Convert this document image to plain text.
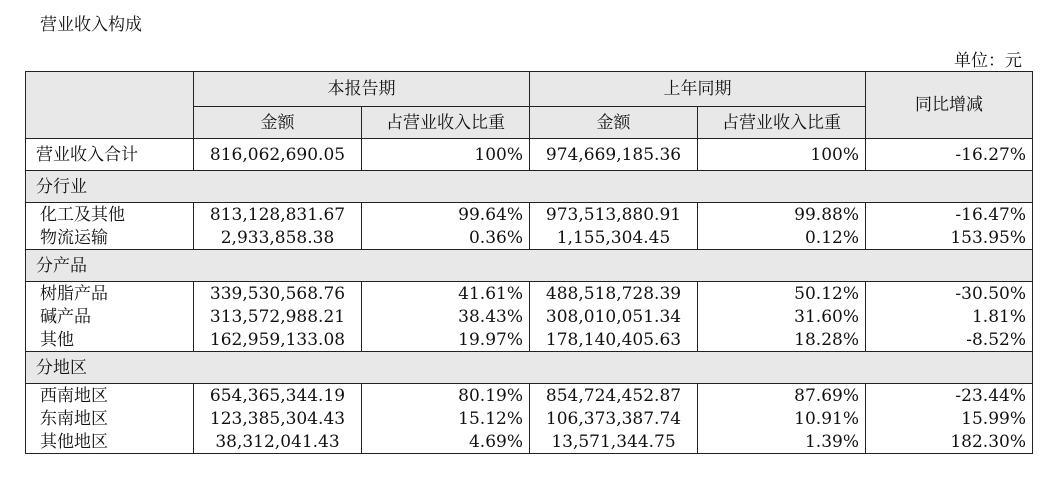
营业收入构成
单位：元
	本报告期		上年同期		同比增减
	金额	占营业收入比重	金额	占营业收入比重	
营业收入合计	816,062,690.05	100%	974,669,185.36	100%	-16.27%
分行业					
化工及其他	813,128,831.67	99.64%	973,513,880.91	99.88%	-16.47%
物流运输	2,933,858.38	0.36%	1,155,304.45	0.12%	153.95%
分产品					
树脂产品	339,530,568.76	41.61%	488,518,728.39	50.12%	-30.50%
碱产品	313,572,988.21	38.43%	308,010,051.34	31.60%	1.81%
其他	162,959,133.08	19.97%	178,140,405.63	18.28%	-8.52%
分地区					
西南地区	654,365,344.19	80.19%	854,724,452.87	87.69%	-23.44%
东南地区	123,385,304.43	15.12%	106,373,387.74	10.91%	15.99%
其他地区	38,312,041.43	4.69%	13,571,344.75	1.39%	182.30%
